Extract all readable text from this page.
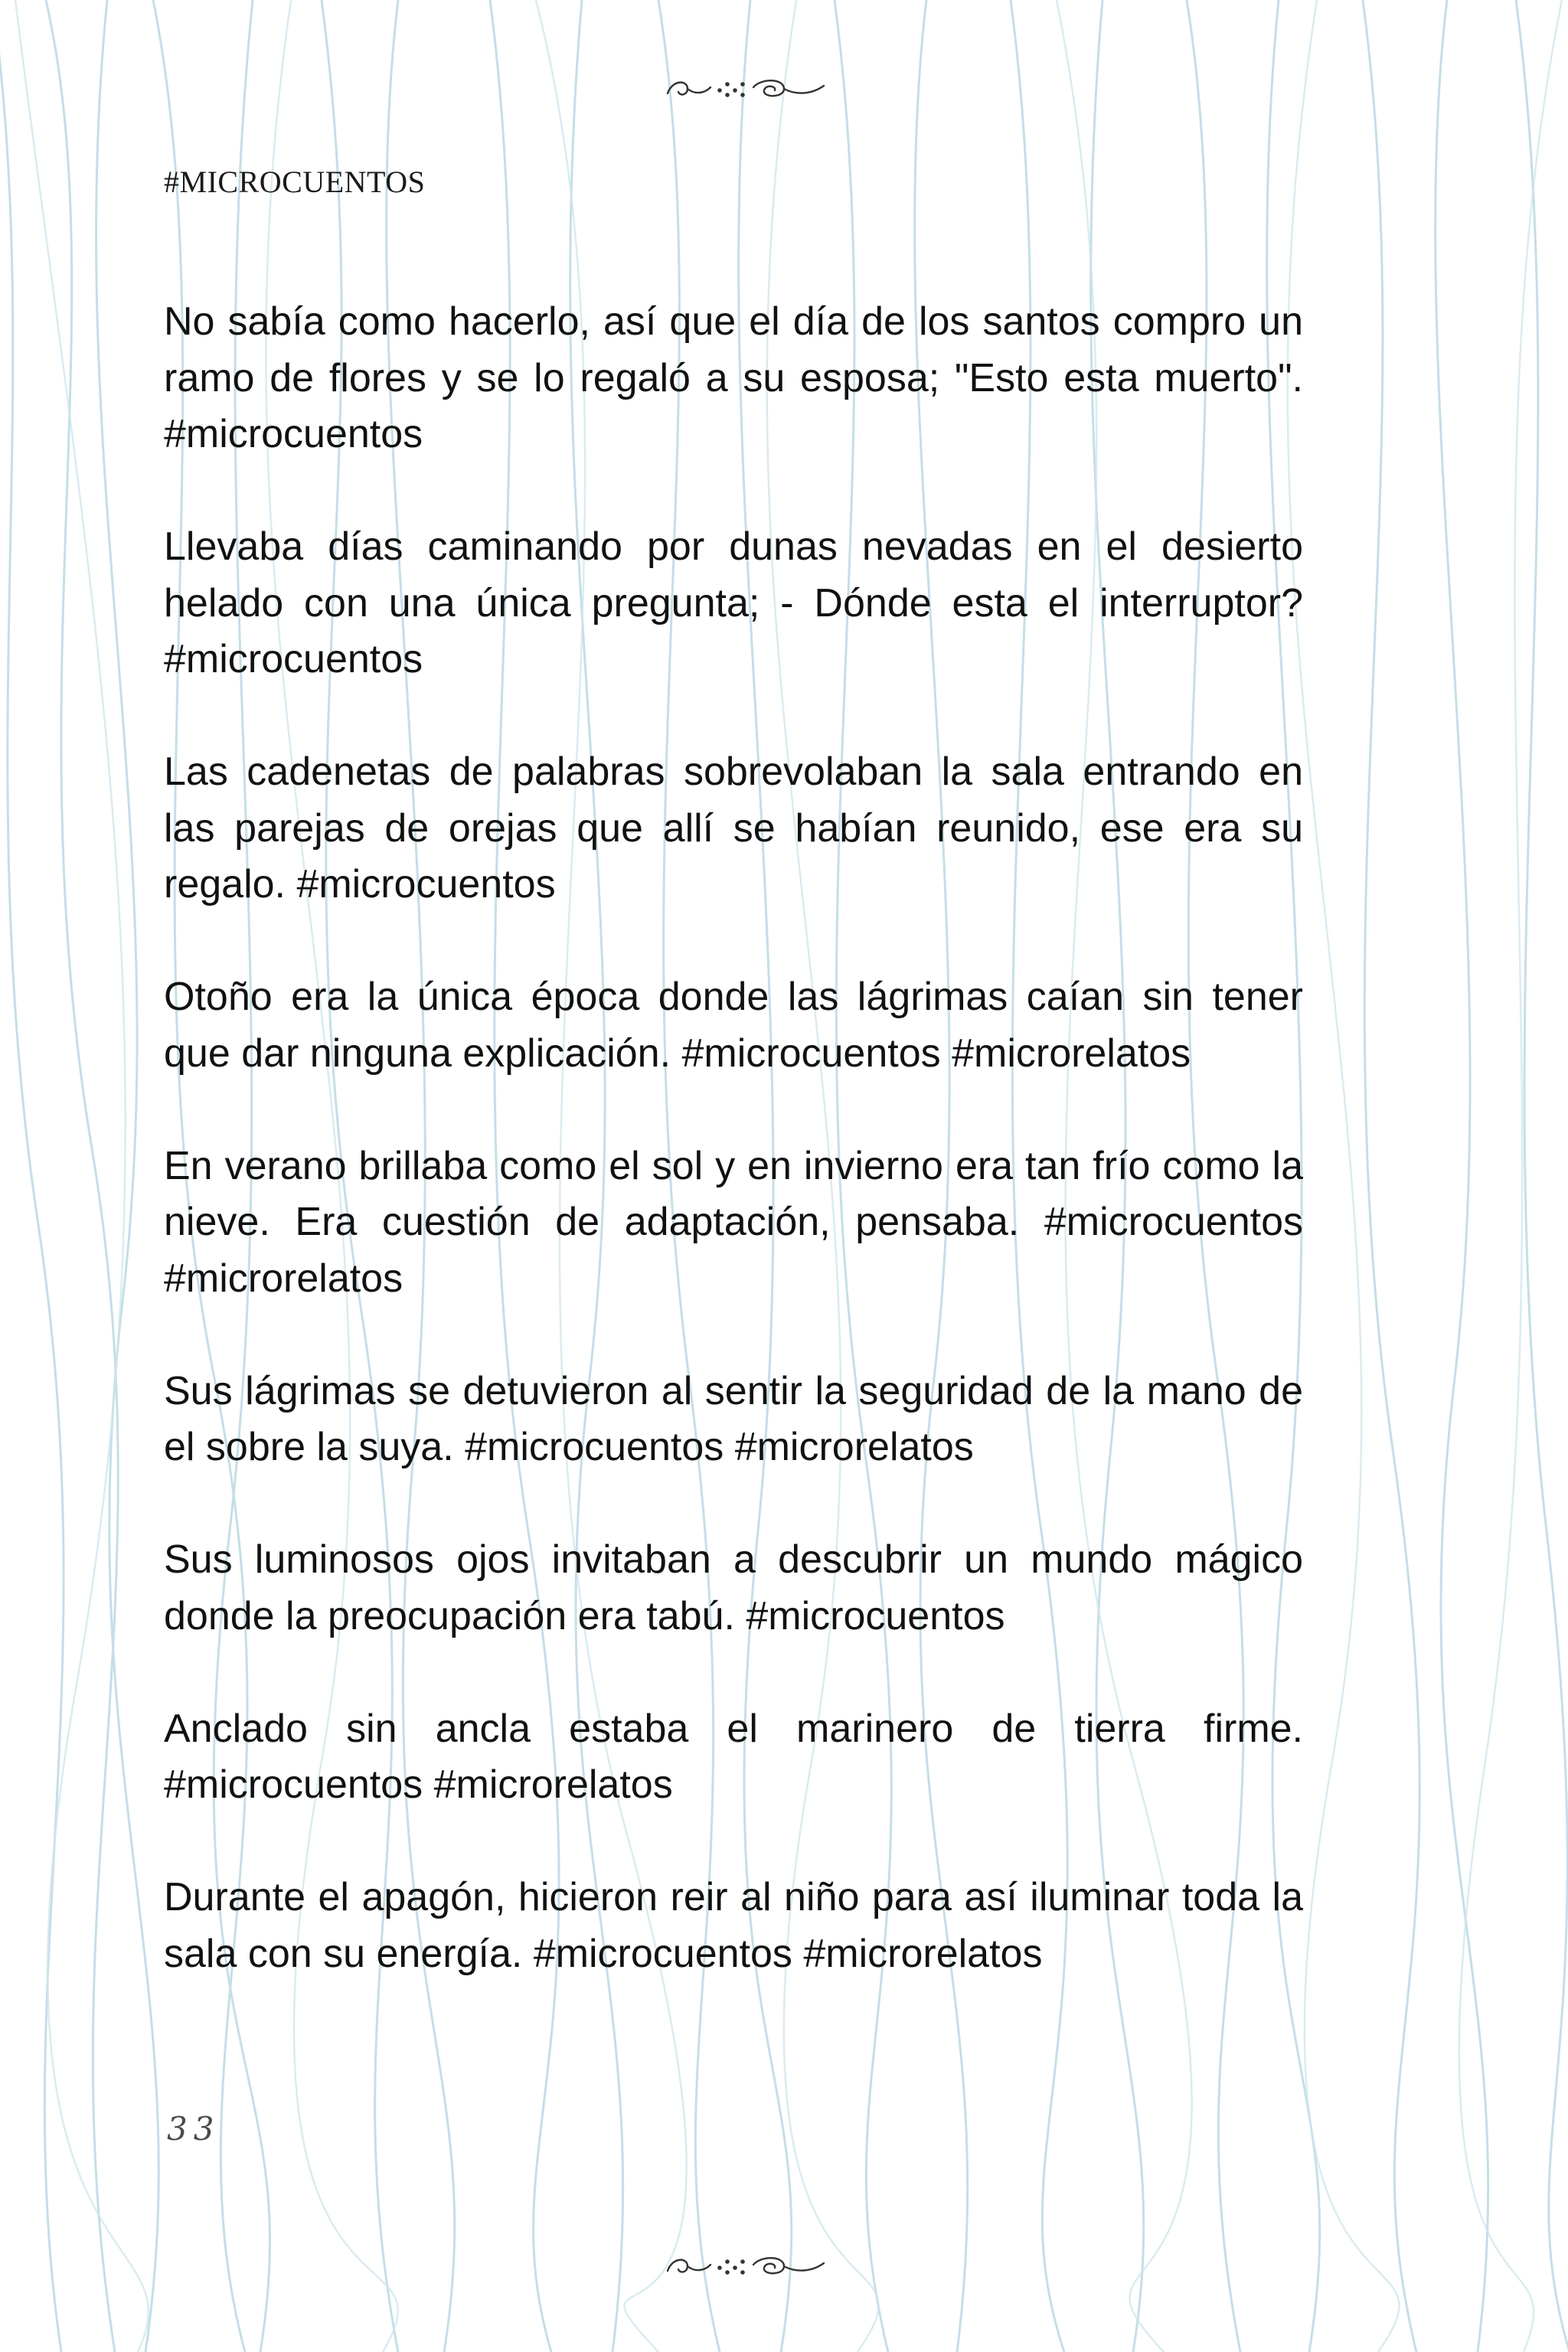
#MICROCUENTOS

No sabía como hacerlo, así que el día de los santos compro un ramo de flores y se lo regaló a su esposa; "Esto esta muerto". #microcuentos

Llevaba días caminando por dunas nevadas en el desierto helado con una única pregunta; - Dónde esta el interruptor? #microcuentos

Las cadenetas de palabras sobrevolaban la sala entrando en las parejas de orejas que allí se habían reunido, ese era su regalo. #microcuentos

Otoño era la única época donde las lágrimas caían sin tener que dar ninguna explicación. #microcuentos #microrelatos

En verano brillaba como el sol y en invierno era tan frío como la nieve. Era cuestión de adaptación, pensaba. #microcuentos #microrelatos

Sus lágrimas se detuvieron al sentir la seguridad de la mano de el sobre la suya. #microcuentos #microrelatos

Sus luminosos ojos invitaban a descubrir un mundo mágico donde la preocupación era tabú. #microcuentos

Anclado sin ancla estaba el marinero de tierra firme. #microcuentos #microrelatos

Durante el apagón, hicieron reir al niño para así iluminar toda la sala con su energía. #microcuentos #microrelatos

33
